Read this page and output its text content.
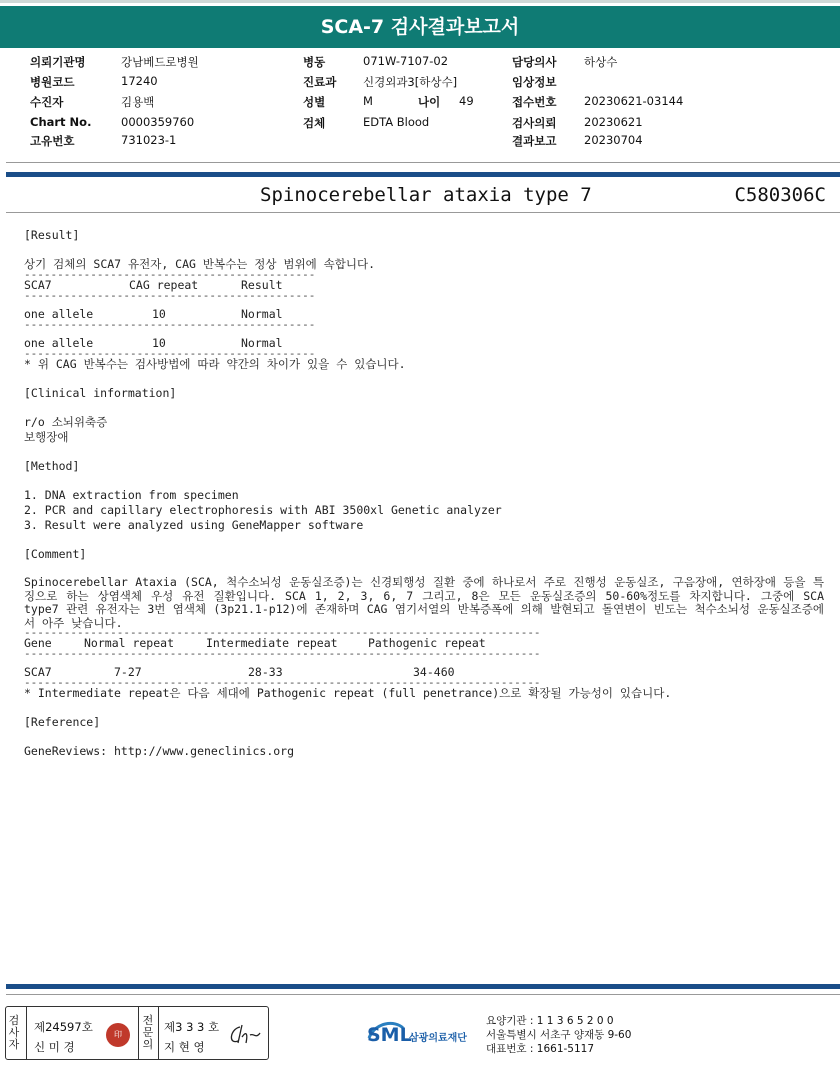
SCA-7 검사결과보고서
의뢰기관명	강남베드로병원	병동	071W-7107-02	담당의사 하상수
병원코드	17240	진료과 신경외과3[하상수]	임상정보
수진자	김용백	성별	M	나이 49	접수번호 20230621-03144
Chart No.	0000359760	검체	EDTA Blood	검사의뢰 20230621
고유번호	731023-1	결과보고 20230704
Spinocerebellar ataxia type 7	C580306C
[Result]
상기 검체의 SCA7 유전자, CAG 반복수는 정상 범위에 속합니다.
--------------------------------------------
SCA7	CAG repeat	Result
--------------------------------------------
one allele	10	Normal
--------------------------------------------
one allele	10	Normal
--------------------------------------------
* 위 CAG 반복수는 검사방법에 따라 약간의 차이가 있을 수 있습니다.
[Clinical information]
r/o 소뇌위축증
보행장애
[Method]
1. DNA extraction from specimen
2. PCR and capillary electrophoresis with ABI 3500xl Genetic analyzer
3. Result were analyzed using GeneMapper software
[Comment]
Spinocerebellar Ataxia (SCA, 척수소뇌성 운동실조증)는 신경퇴행성 질환 중에 하나로서 주로 진행성 운동실조, 구음장애, 연하장애 등을 특징으로 하는 상염색체 우성 유전 질환입니다. SCA 1, 2, 3, 6, 7 그리고, 8은 모든 운동실조증의 50-60%정도를 차지합니다. 그중에 SCA type7 관련 유전자는 3번 염색체 (3p21.1-p12)에 존재하며 CAG 염기서열의 반복증폭에 의해 발현되고 돌연변이 빈도는 척수소뇌성 운동실조증에서 아주 낮습니다.
------------------------------------------------------------------------------
Gene	Normal repeat	Intermediate repeat	Pathogenic repeat
------------------------------------------------------------------------------
SCA7	7-27	28-33	34-460
------------------------------------------------------------------------------
* Intermediate repeat은 다음 세대에 Pathogenic repeat (full penetrance)으로 확장될 가능성이 있습니다.
[Reference]
GeneReviews: http://www.geneclinics.org
검사자
제24597호
신 미 경
印
전문의
제3 3 3 호
지 현 영
SML
삼광의료재단
요양기관 : 1 1 3 6 5 2 0 0
서울특별시 서초구 양재동 9-60
대표번호 : 1661-5117
